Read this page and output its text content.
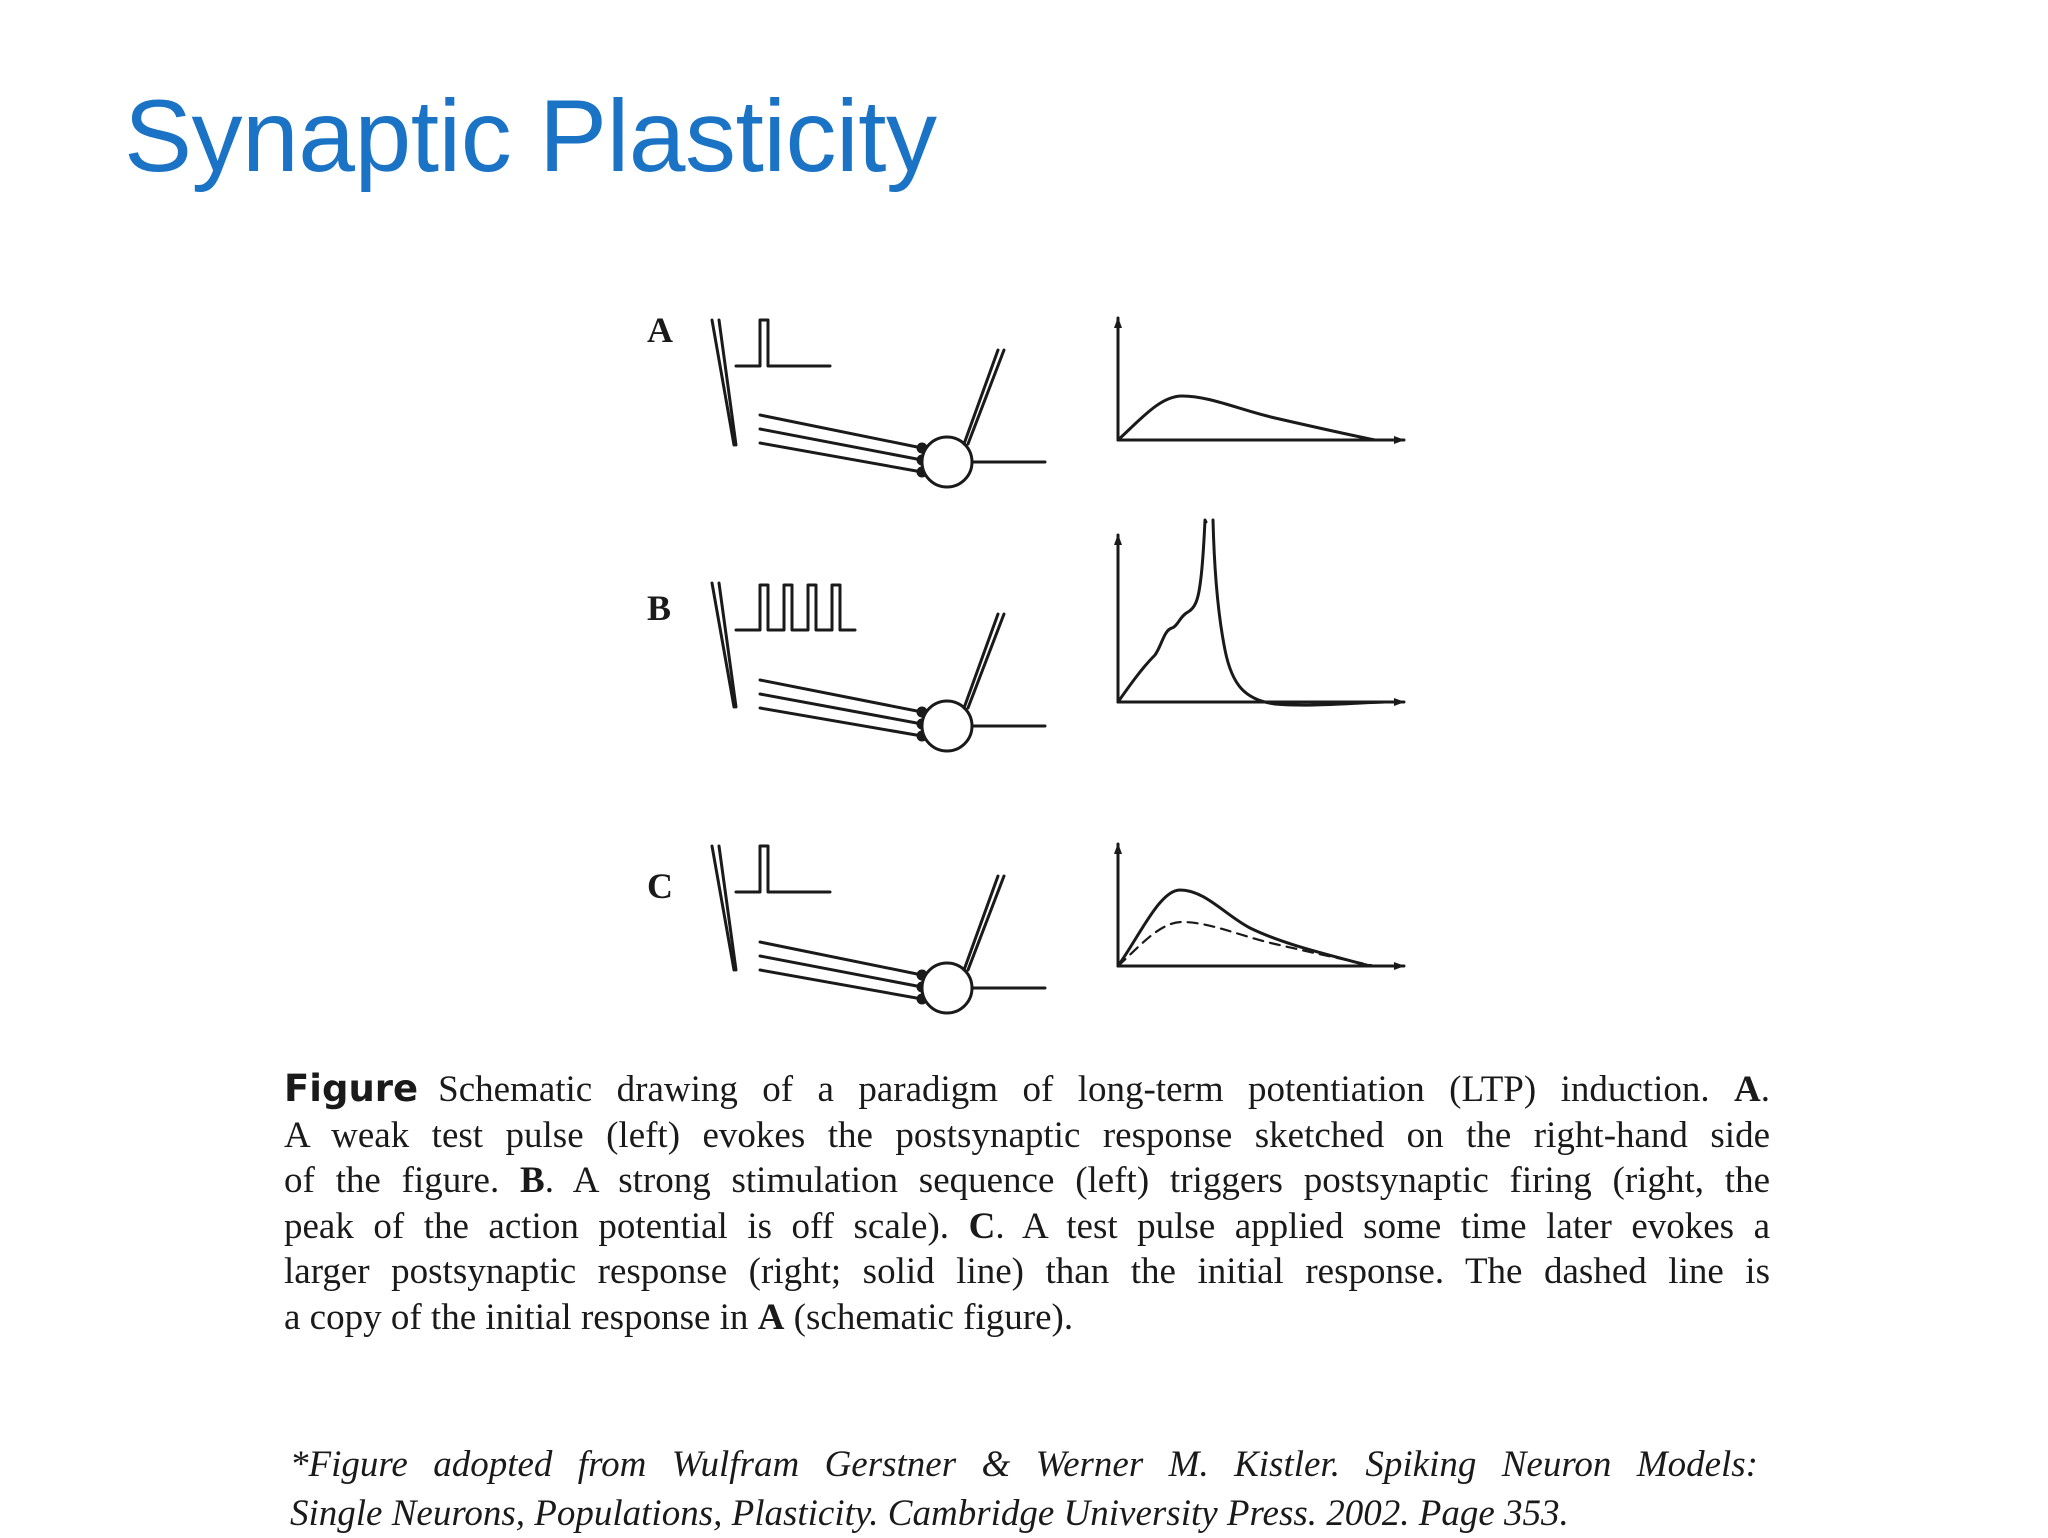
Synaptic Plasticity
A
B
C
Figure Schematic drawing of a paradigm of long-term potentiation (LTP) induction. A.
A weak test pulse (left) evokes the postsynaptic response sketched on the right-hand side
of the figure. B. A strong stimulation sequence (left) triggers postsynaptic firing (right, the
peak of the action potential is off scale). C. A test pulse applied some time later evokes a
larger postsynaptic response (right; solid line) than the initial response. The dashed line is
a copy of the initial response in A (schematic figure).
*Figure adopted from Wulfram Gerstner & Werner M. Kistler. Spiking Neuron Models:
Single Neurons, Populations, Plasticity. Cambridge University Press. 2002. Page 353.
